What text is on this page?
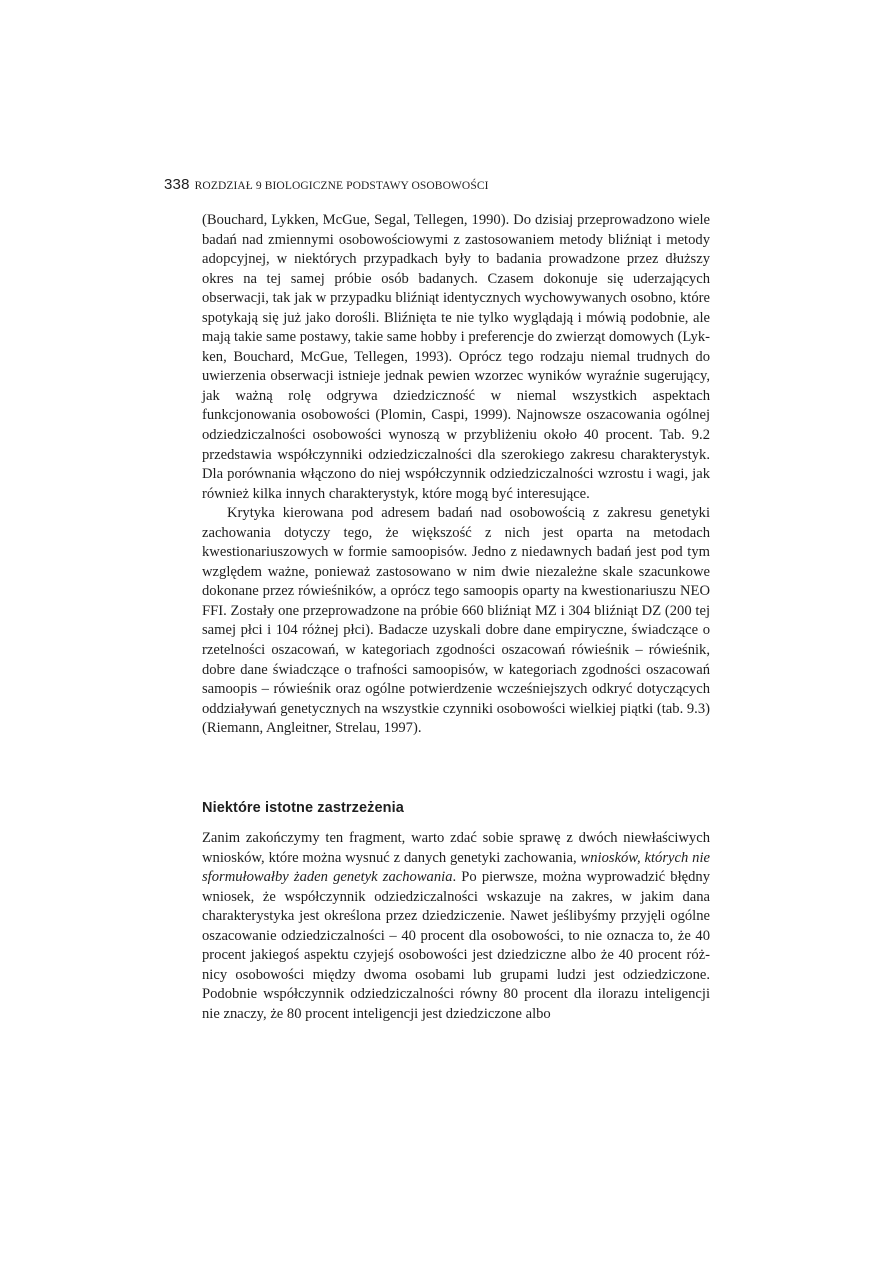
338 ROZDZIAŁ 9 BIOLOGICZNE PODSTAWY OSOBOWOŚCI

(Bouchard, Lykken, McGue, Segal, Tellegen, 1990). Do dzisiaj przeprowadzono wiele badań nad zmiennymi osobowościowymi z zastosowaniem metody bliźniąt i metody adopcyjnej, w niektórych przypadkach były to badania prowadzone przez dłuższy okres na tej samej próbie osób badanych. Czasem dokonuje się uderzających obserwacji, tak jak w przypadku bliźniąt identycznych wychowywanych osobno, które spotykają się już jako dorośli. Bliźnięta te nie tylko wyglądają i mówią podobnie, ale mają takie same postawy, takie same hobby i preferencje do zwierząt domowych (Lykken, Bouchard, McGue, Tellegen, 1993). Oprócz tego rodzaju niemal trudnych do uwierzenia obserwacji istnieje jednak pewien wzorzec wyników wyraźnie sugerujący, jak ważną rolę odgrywa dziedziczność w niemal wszystkich aspektach funkcjonowania osobowości (Plomin, Caspi, 1999). Najnowsze oszacowania ogólnej odziedziczalności osobowości wynoszą w przybliżeniu około 40 procent. Tab. 9.2 przedstawia współczynniki odziedziczalności dla szerokiego zakresu charakterystyk. Dla porównania włączono do niej współczynnik odziedziczalności wzrostu i wagi, jak również kilka innych charakterystyk, które mogą być interesujące.

Krytyka kierowana pod adresem badań nad osobowością z zakresu genetyki zachowania dotyczy tego, że większość z nich jest oparta na metodach kwestionariuszowych w formie samoopisów. Jedno z niedawnych badań jest pod tym względem ważne, ponieważ zastosowano w nim dwie niezależne skale szacunkowe dokonane przez rówieśników, a oprócz tego samoopis oparty na kwestionariuszu NEO FFI. Zostały one przeprowadzone na próbie 660 bliźniąt MZ i 304 bliźniąt DZ (200 tej samej płci i 104 różnej płci). Badacze uzyskali dobre dane empiryczne, świadczące o rzetelności oszacowań, w kategoriach zgodności oszacowań rówieśnik – rówieśnik, dobre dane świadczące o trafności samoopisów, w kategoriach zgodności oszacowań samoopis – rówieśnik oraz ogólne potwierdzenie wcześniejszych odkryć dotyczących oddziaływań genetycznych na wszystkie czynniki osobowości wielkiej piątki (tab. 9.3) (Riemann, Angleitner, Strelau, 1997).

Niektóre istotne zastrzeżenia

Zanim zakończymy ten fragment, warto zdać sobie sprawę z dwóch niewłaściwych wniosków, które można wysnuć z danych genetyki zachowania, wniosków, których nie sformułowałby żaden genetyk zachowania. Po pierwsze, można wyprowadzić błędny wniosek, że współczynnik odziedziczalności wskazuje na zakres, w jakim dana charakterystyka jest określona przez dziedziczenie. Nawet jeślibyśmy przyjęli ogólne oszacowanie odziedziczalności – 40 procent dla osobowości, to nie oznacza to, że 40 procent jakiegoś aspektu czyjejś osobowości jest dziedziczne albo że 40 procent różnicy osobowości między dwoma osobami lub grupami ludzi jest odziedziczone. Podobnie współczynnik odziedziczalności równy 80 procent dla ilorazu inteligencji nie znaczy, że 80 procent inteligencji jest dziedziczone albo
